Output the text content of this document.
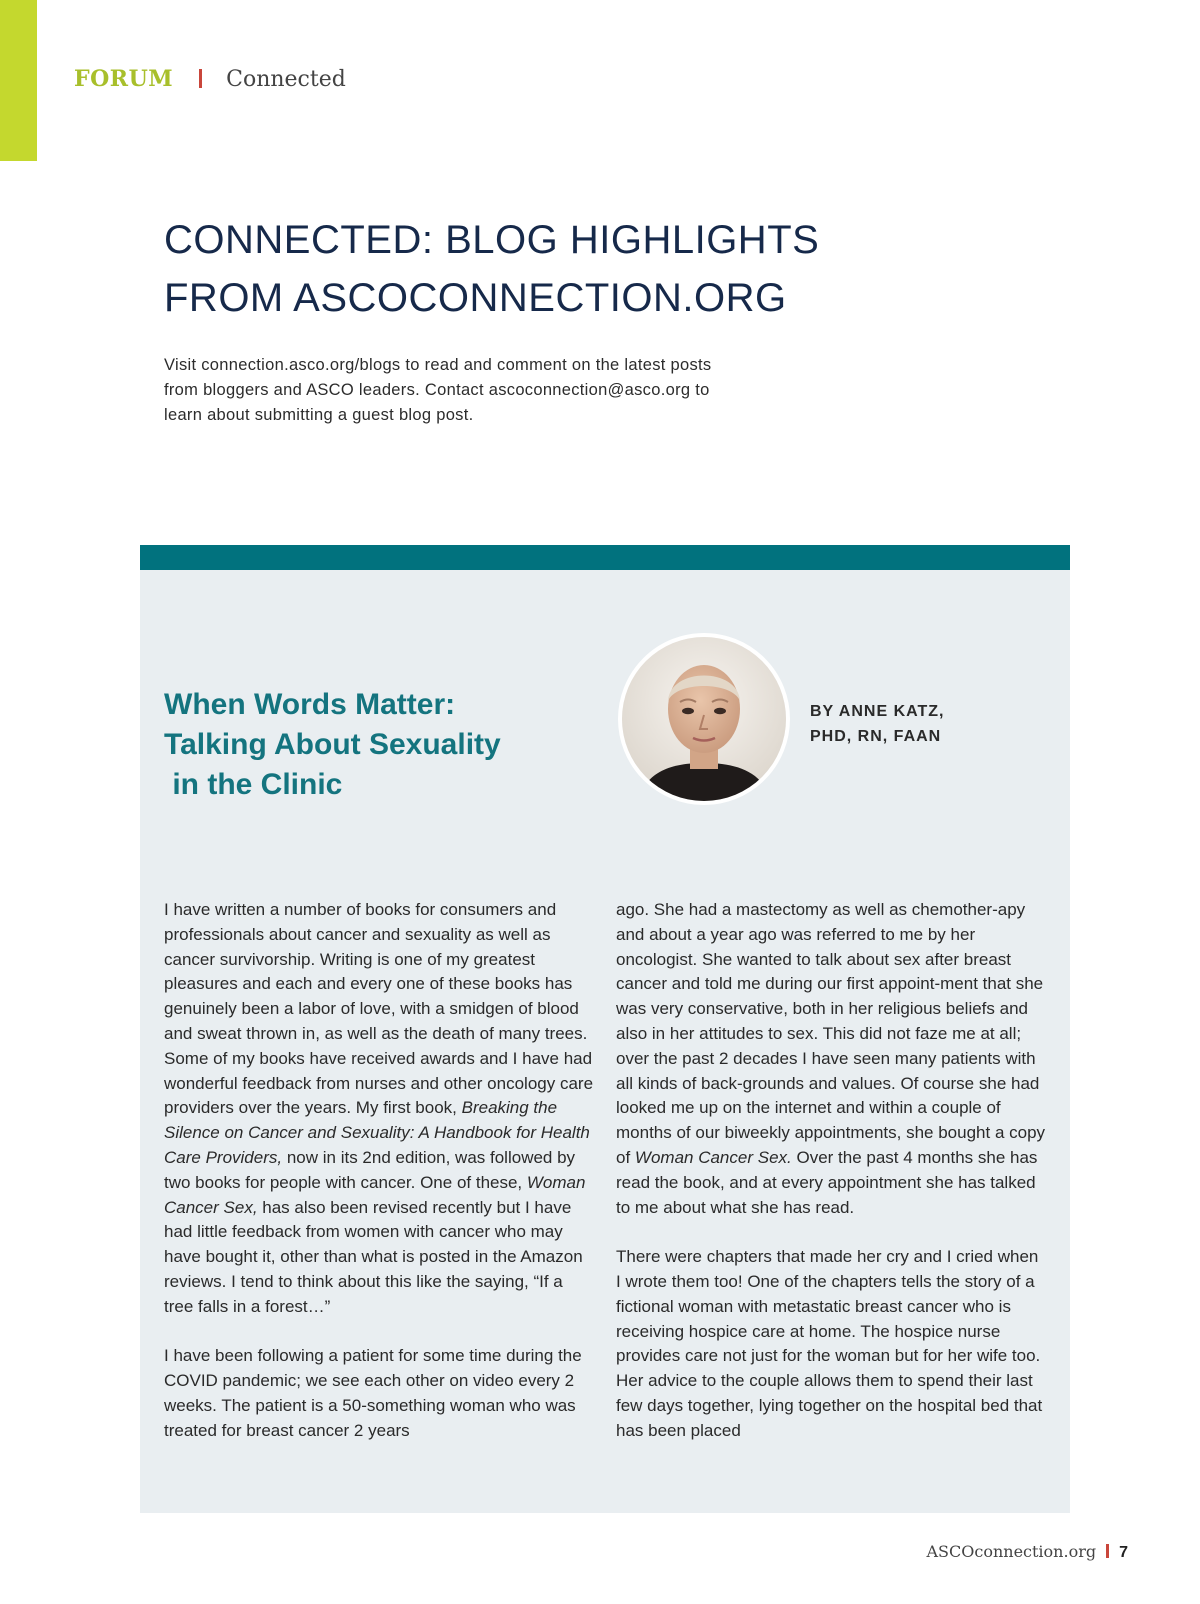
FORUM Connected
CONNECTED: BLOG HIGHLIGHTS
FROM ASCOCONNECTION.ORG

Visit connection.asco.org/blogs to read and comment on the latest posts
from bloggers and ASCO leaders. Contact ascoconnection@asco.org to
learn about submitting a guest blog post.

When Words Matter:
Talking About Sexuality
in the Clinic
BY ANNE KATZ,
PHD, RN, FAAN

I have written a number of books for consumers and professionals about cancer and sexuality as well as cancer survivorship. Writing is one of my greatest pleasures and each and every one of these books has genuinely been a labor of love, with a smidgen of blood and sweat thrown in, as well as the death of many trees. Some of my books have received awards and I have had wonderful feedback from nurses and other oncology care providers over the years. My first book, Breaking the Silence on Cancer and Sexuality: A Handbook for Health Care Providers, now in its 2nd edition, was followed by two books for people with cancer. One of these, Woman Cancer Sex, has also been revised recently but I have had little feedback from women with cancer who may have bought it, other than what is posted in the Amazon reviews. I tend to think about this like the saying, “If a tree falls in a forest…”

I have been following a patient for some time during the COVID pandemic; we see each other on video every 2 weeks. The patient is a 50-something woman who was treated for breast cancer 2 years

ago. She had a mastectomy as well as chemother-apy and about a year ago was referred to me by her oncologist. She wanted to talk about sex after breast cancer and told me during our first appoint-ment that she was very conservative, both in her religious beliefs and also in her attitudes to sex. This did not faze me at all; over the past 2 decades I have seen many patients with all kinds of back-grounds and values. Of course she had looked me up on the internet and within a couple of months of our biweekly appointments, she bought a copy of Woman Cancer Sex. Over the past 4 months she has read the book, and at every appointment she has talked to me about what she has read.

There were chapters that made her cry and I cried when I wrote them too! One of the chapters tells the story of a fictional woman with metastatic breast cancer who is receiving hospice care at home. The hospice nurse provides care not just for the woman but for her wife too. Her advice to the couple allows them to spend their last few days together, lying together on the hospital bed that has been placed

ASCOconnection.org 7
